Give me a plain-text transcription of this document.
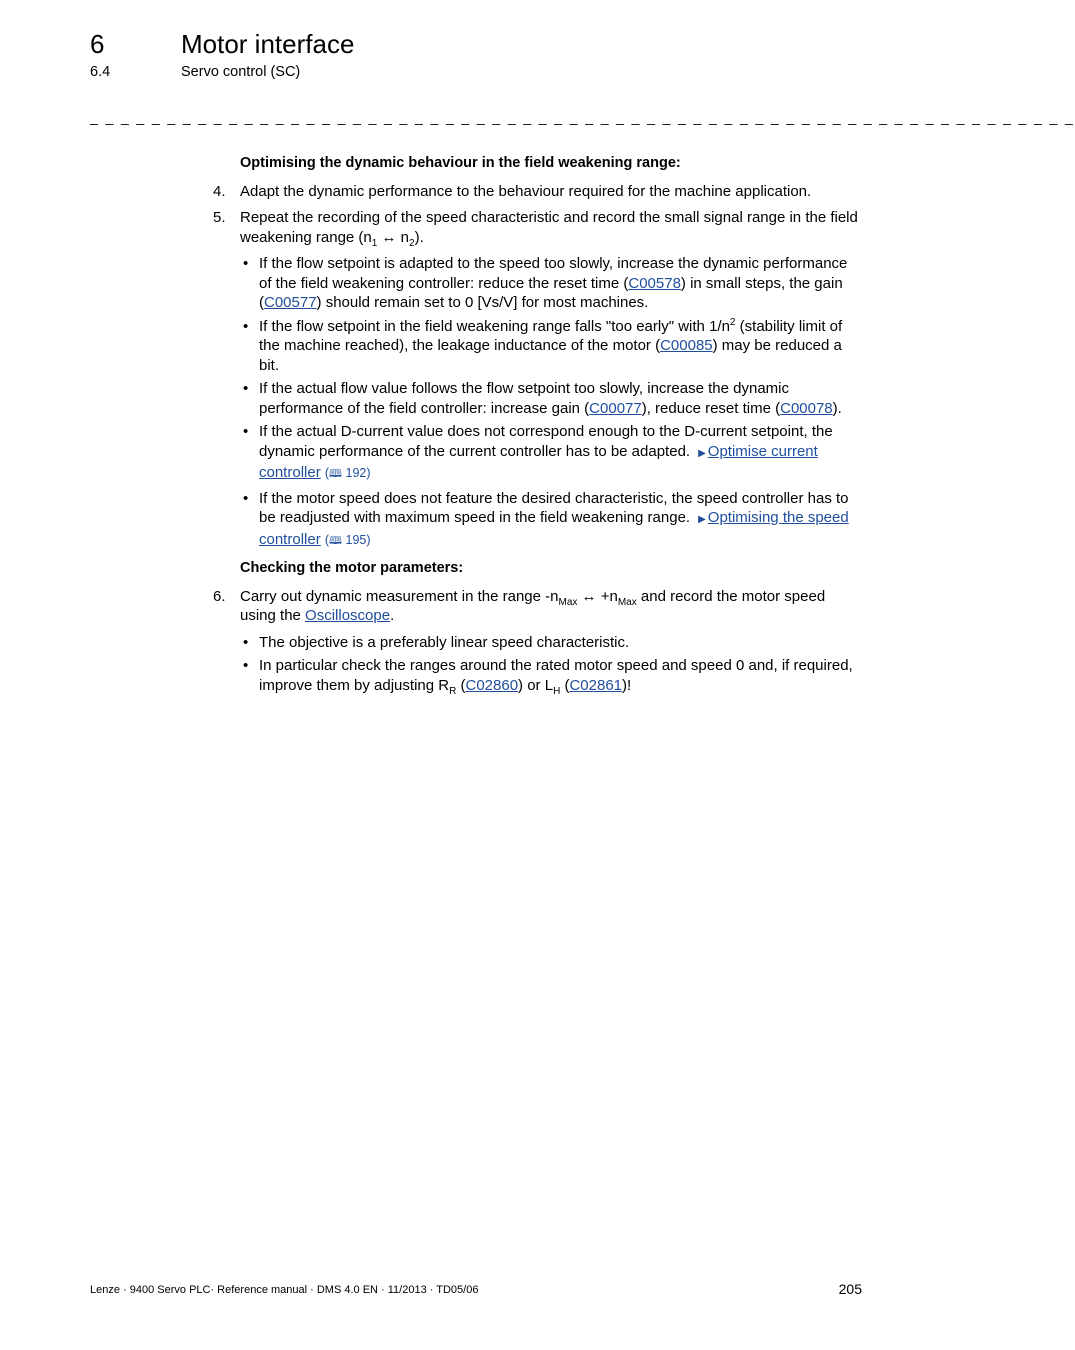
6	Motor interface
6.4	Servo control (SC)
_ _ _ _ _ _ _ _ _ _ _ _ _ _ _ _ _ _ _ _ _ _ _ _ _ _ _ _ _ _ _ _ _ _ _ _ _ _ _ _ _ _ _ _ _ _ _ _ _ _ _ _ _ _ _ _ _ _ _ _ _ _ _ _
Optimising the dynamic behaviour in the field weakening range:
4. Adapt the dynamic performance to the behaviour required for the machine application.
5. Repeat the recording of the speed characteristic and record the small signal range in the field weakening range ($n_1$ ↔ $n_2$).
• If the flow setpoint is adapted to the speed too slowly, increase the dynamic performance of the field weakening controller: reduce the reset time (C00578) in small steps, the gain (C00577) should remain set to 0 [Vs/V] for most machines.
• If the flow setpoint in the field weakening range falls "too early" with $1/n^2$ (stability limit of the machine reached), the leakage inductance of the motor (C00085) may be reduced a bit.
• If the actual flow value follows the flow setpoint too slowly, increase the dynamic performance of the field controller: increase gain (C00077), reduce reset time (C00078).
• If the actual D-current value does not correspond enough to the D-current setpoint, the dynamic performance of the current controller has to be adapted. ▶ Optimise current controller (🕮 192)
• If the motor speed does not feature the desired characteristic, the speed controller has to be readjusted with maximum speed in the field weakening range. ▶ Optimising the speed controller (🕮 195)
Checking the motor parameters:
6. Carry out dynamic measurement in the range $-n_{Max}$ ↔ $+n_{Max}$ and record the motor speed using the Oscilloscope.
• The objective is a preferably linear speed characteristic.
• In particular check the ranges around the rated motor speed and speed 0 and, if required, improve them by adjusting $R_R$ (C02860) or $L_H$ (C02861)!
Lenze · 9400 Servo PLC· Reference manual · DMS 4.0 EN · 11/2013 · TD05/06	205
